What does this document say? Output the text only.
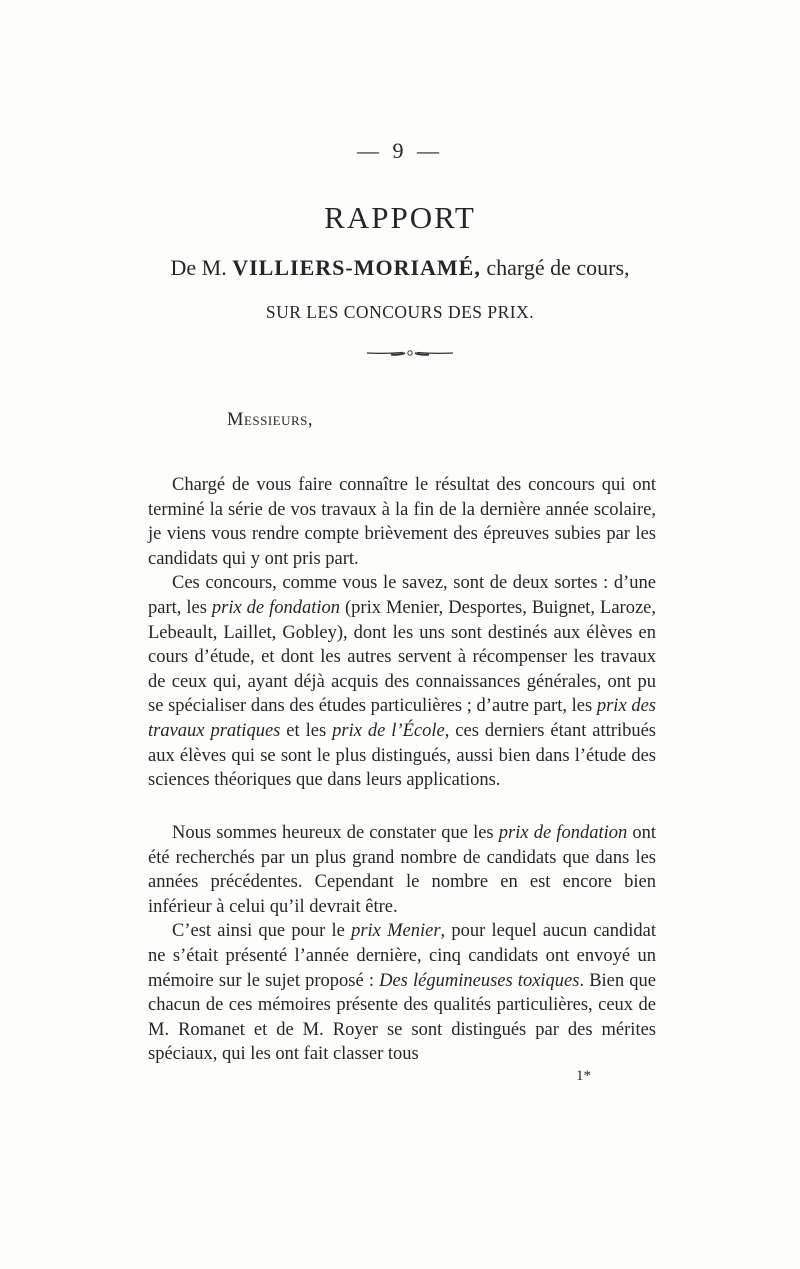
— 9 —
RAPPORT
De M. VILLIERS-MORIAMÉ, chargé de cours,
SUR LES CONCOURS DES PRIX.
Messieurs,

Chargé de vous faire connaître le résultat des concours qui ont terminé la série de vos travaux à la fin de la dernière année scolaire, je viens vous rendre compte brièvement des épreuves subies par les candidats qui y ont pris part.

Ces concours, comme vous le savez, sont de deux sortes : d’une part, les prix de fondation (prix Menier, Desportes, Buignet, Laroze, Lebeault, Laillet, Gobley), dont les uns sont destinés aux élèves en cours d’étude, et dont les autres servent à récompenser les travaux de ceux qui, ayant déjà acquis des connaissances générales, ont pu se spécialiser dans des études particulières ; d’autre part, les prix des travaux pratiques et les prix de l’École, ces derniers étant attribués aux élèves qui se sont le plus distingués, aussi bien dans l’étude des sciences théoriques que dans leurs applications.

Nous sommes heureux de constater que les prix de fondation ont été recherchés par un plus grand nombre de candidats que dans les années précédentes. Cependant le nombre en est encore bien inférieur à celui qu’il devrait être.

C’est ainsi que pour le prix Menier, pour lequel aucun candidat ne s’était présenté l’année dernière, cinq candidats ont envoyé un mémoire sur le sujet proposé : Des légumineuses toxiques. Bien que chacun de ces mémoires présente des qualités particulières, ceux de M. Romanet et de M. Royer se sont distingués par des mérites spéciaux, qui les ont fait classer tous

1*
